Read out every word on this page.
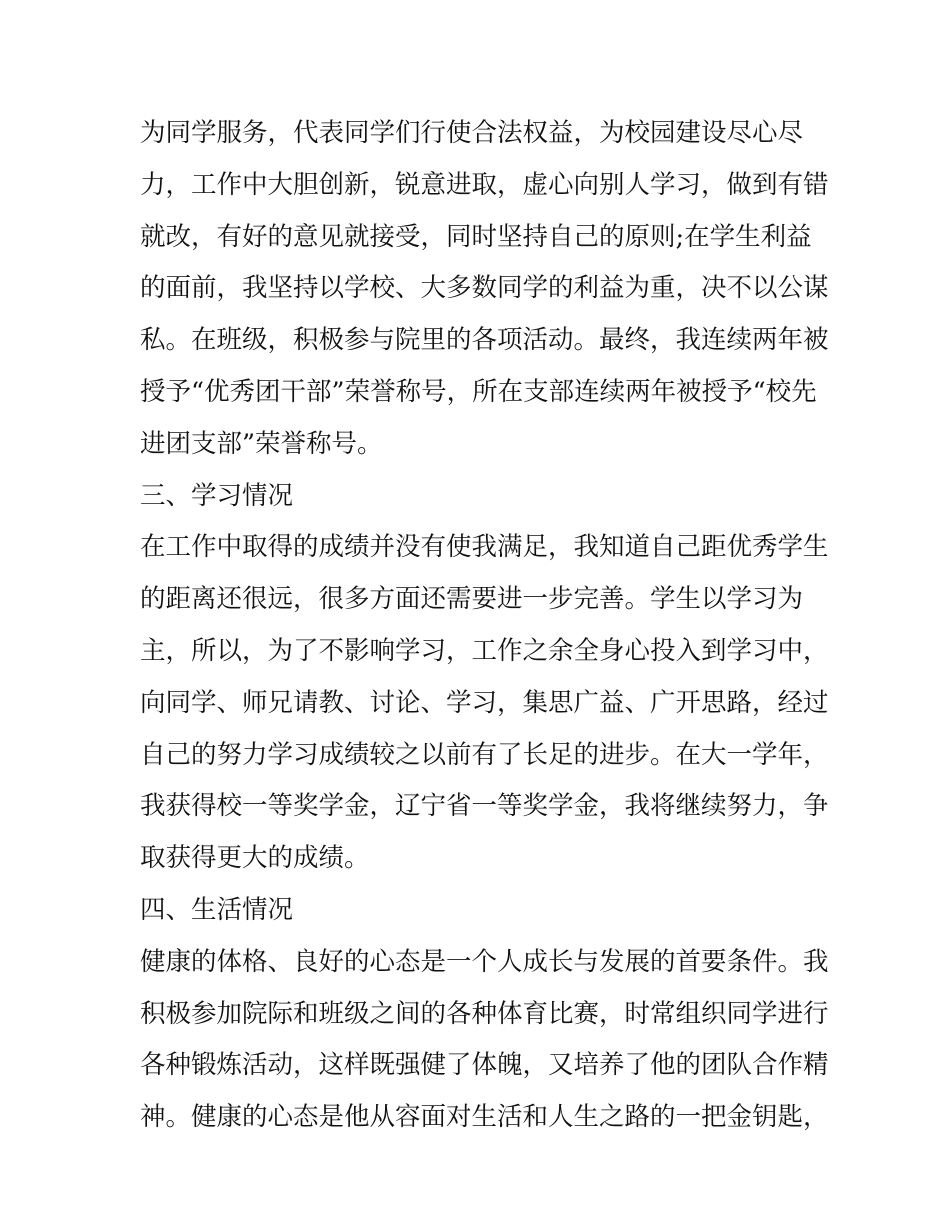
为同学服务，代表同学们行使合法权益，为校园建设尽心尽
力，工作中大胆创新，锐意进取，虚心向别人学习，做到有错
就改，有好的意见就接受，同时坚持自己的原则;在学生利益
的面前，我坚持以学校、大多数同学的利益为重，决不以公谋
私。在班级，积极参与院里的各项活动。最终，我连续两年被
授予“优秀团干部”荣誉称号，所在支部连续两年被授予“校先
进团支部”荣誉称号。
三、学习情况
在工作中取得的成绩并没有使我满足，我知道自己距优秀学生
的距离还很远，很多方面还需要进一步完善。学生以学习为
主，所以，为了不影响学习，工作之余全身心投入到学习中，
向同学、师兄请教、讨论、学习，集思广益、广开思路，经过
自己的努力学习成绩较之以前有了长足的进步。在大一学年，
我获得校一等奖学金，辽宁省一等奖学金，我将继续努力，争
取获得更大的成绩。
四、生活情况
健康的体格、良好的心态是一个人成长与发展的首要条件。我
积极参加院际和班级之间的各种体育比赛，时常组织同学进行
各种锻炼活动，这样既强健了体魄，又培养了他的团队合作精
神。健康的心态是他从容面对生活和人生之路的一把金钥匙，
